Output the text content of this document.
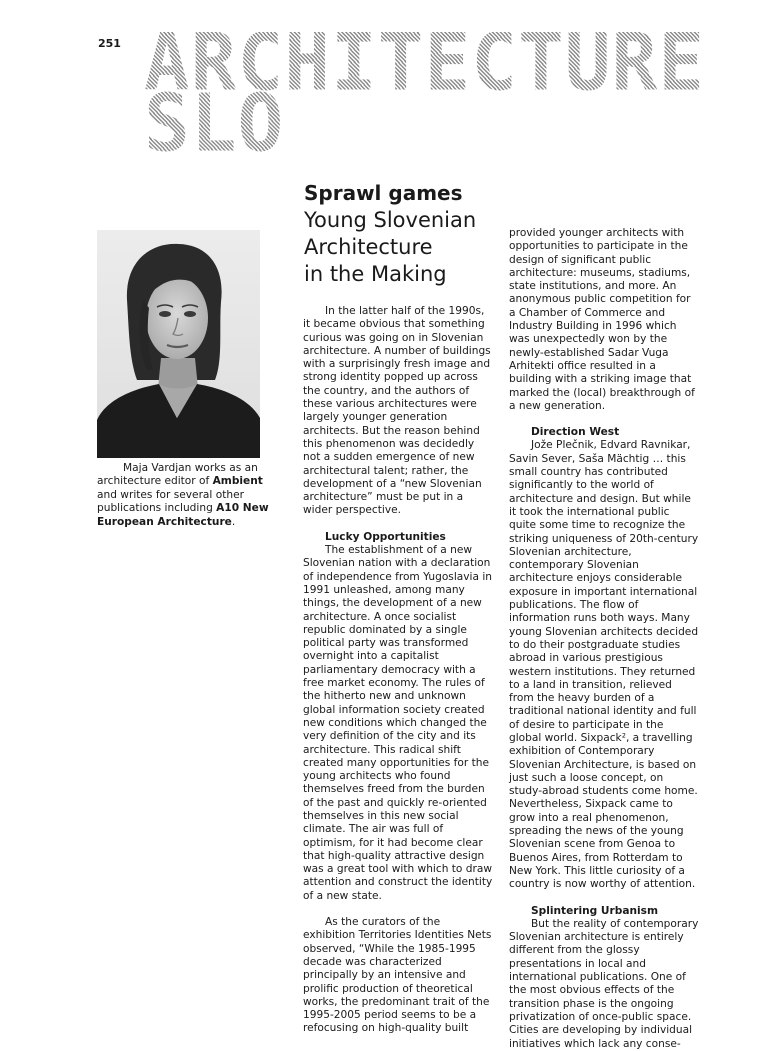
251 ARCHITECTURE
SLO

Maja Vardjan works as an architecture editor of Ambient and writes for several other publications including A10 New European Architecture.

Sprawl games
Young Slovenian
Architecture
in the Making

In the latter half of the 1990s, it became obvious that something curious was going on in Slovenian architecture. A number of buildings with a surprisingly fresh image and strong identity popped up across the country, and the authors of these various architectures were largely younger generation architects. But the reason behind this phenomenon was decidedly not a sudden emergence of new architectural talent; rather, the development of a “new Slovenian architecture” must be put in a wider perspective.

Lucky Opportunities

The establishment of a new Slovenian nation with a declaration of independence from Yugoslavia in 1991 unleashed, among many things, the development of a new architecture. A once socialist republic dominated by a single political party was transformed overnight into a capitalist parliamentary democracy with a free market economy. The rules of the hitherto new and unknown global information society created new conditions which changed the very definition of the city and its architecture. This radical shift created many opportunities for the young architects who found themselves freed from the burden of the past and quickly re-oriented themselves in this new social climate. The air was full of optimism, for it had become clear that high-quality attractive design was a great tool with which to draw attention and construct the identity of a new state.

As the curators of the exhibition Territories Identities Nets observed, “While the 1985-1995 decade was characterized principally by an intensive and prolific production of theoretical works, the predominant trait of the 1995-2005 period seems to be a refocusing on high-quality built

provided younger architects with opportunities to participate in the design of significant public architecture: museums, stadiums, state institutions, and more. An anonymous public competition for a Chamber of Commerce and Industry Building in 1996 which was unexpectedly won by the newly-established Sadar Vuga Arhitekti office resulted in a building with a striking image that marked the (local) breakthrough of a new generation.

Direction West

Jože Plečnik, Edvard Ravnikar, Savin Sever, Saša Mächtig … this small country has contributed significantly to the world of architecture and design. But while it took the international public quite some time to recognize the striking uniqueness of 20th-century Slovenian architecture, contemporary Slovenian architecture enjoys considerable exposure in important international publications. The flow of information runs both ways. Many young Slovenian architects decided to do their postgraduate studies abroad in various prestigious western institutions. They returned to a land in transition, relieved from the heavy burden of a traditional national identity and full of desire to participate in the global world. Sixpack², a travelling exhibition of Contemporary Slovenian Architecture, is based on just such a loose concept, on study-abroad students come home. Nevertheless, Sixpack came to grow into a real phenomenon, spreading the news of the young Slovenian scene from Genoa to Buenos Aires, from Rotterdam to New York. This little curiosity of a country is now worthy of attention.

Splintering Urbanism

But the reality of contemporary Slovenian architecture is entirely different from the glossy presentations in local and international publications. One of the most obvious effects of the transition phase is the ongoing privatization of once-public space. Cities are developing by individual initiatives which lack any conse-
